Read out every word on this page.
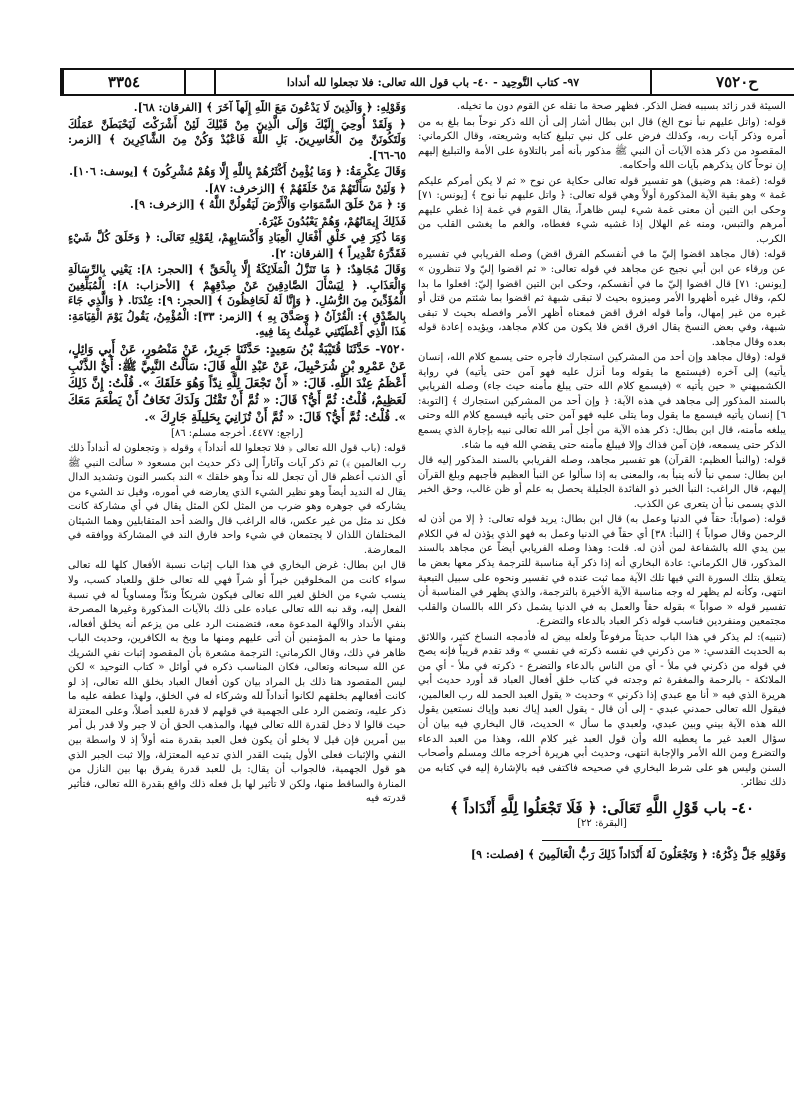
ح٧٥٢٠
٩٧- كتاب التَّوحِيد - ٤٠- باب قول الله تعالى: فلا تجعلوا لله أندادا
٣٣٥٤

السيئة قدر زائد بسببه فضل الذكر. فظهر صحة ما نقله عن القوم دون ما تخيله.

قوله: (واتل عليهم نبأ نوح الخ) قال ابن بطال أشار إلى أن الله ذكر نوحاً بما بلغ به من أمره وذكر آيات ربه، وكذلك فرض على كل نبي تبليغ كتابه وشريعته، وقال الكرماني: المقصود من ذكر هذه الآيات أن النبي ﷺ مذكور بأنه أمر بالتلاوة على الأمة والتبليغ إليهم إن نوحاً كان يذكرهم بآيات الله وأحكامه.

قوله: (غمة: هم وضيق) هو تفسير قوله تعالى حكاية عن نوح « ثم لا يكن أمركم عليكم غمة » وهو بقية الآية المذكورة أولاً وهي قوله تعالى: ﴿ واتل عليهم نبأ نوح ﴾ [يونس: ٧١] وحكى ابن التين أن معنى غمة شيء ليس ظاهراً، يقال القوم في غمة إذا غطي عليهم أمرهم والتبس، ومنه غم الهلال إذا غشيه شيء فغطاه، والغم ما يغشى القلب من الكرب.

قوله: (قال مجاهد اقضوا إليّ ما في أنفسكم الفرق اقض) وصله الفريابي في تفسيره عن ورقاء عن ابن أبي نجيح عن مجاهد في قوله تعالى: « ثم اقضوا إليّ ولا تنظرون » [يونس: ٧١] قال اقضوا إليّ ما في أنفسكم، وحكى ابن التين اقضوا إليّ: افعلوا ما بدا لكم، وقال غيره أظهروا الأمر وميزوه بحيث لا تبقى شبهة ثم اقضوا بما شئتم من قتل أو غيره من غير إمهال، وأما قوله افرق اقض فمعناه أظهر الأمر وافصله بحيث لا تبقى شبهة، وفي بعض النسخ يقال افرق اقض فلا يكون من كلام مجاهد، ويؤيده إعادة قوله بعده وقال مجاهد.

قوله: (وقال مجاهد وإن أحد من المشركين استجارك فأجره حتى يسمع كلام الله، إنسان يأتيه) إلى آخره (فيستمع ما يقوله وما أنزل عليه فهو آمن حتى يأتيه) في رواية الكشميهني « حين يأتيه » (فيسمع كلام الله حتى يبلغ مأمنه حيث جاء) وصله الفريابي بالسند المذكور إلى مجاهد في هذه الآية: ﴿ وإن أحد من المشركين استجارك ﴾ [التوبة: ٦] إنسان يأتيه فيسمع ما يقول وما يتلى عليه فهو آمن حتى يأتيه فيسمع كلام الله وحتى يبلغه مأمنه، قال ابن بطال: ذكر هذه الآية من أجل أمر الله تعالى نبيه بإجارة الذي يسمع الذكر حتى يسمعه، فإن آمن فذاك وإلا فيبلغ مأمنه حتى يقضي الله فيه ما شاء.

قوله: (والنبأ العظيم: القرآن) هو تفسير مجاهد، وصله الفريابي بالسند المذكور إليه قال ابن بطال: سمي نبأ لأنه ينبأ به، والمعنى به إذا سألوا عن النبأ العظيم فأجبهم وبلغ القرآن إليهم، قال الراغب: النبأ الخبر ذو الفائدة الجليلة يحصل به علم أو ظن غالب، وحق الخبر الذي يسمى نبأ أن يتعرى عن الكذب.

قوله: (صواباً: حقاً في الدنيا وعمل به) قال ابن بطال: يريد قوله تعالى: ﴿ إلا من أذن له الرحمن وقال صواباً ﴾ [النبأ: ٣٨] أي حقاً في الدنيا وعمل به فهو الذي يؤذن له في الكلام بين يدي الله بالشفاعة لمن أذن له. قلت: وهذا وصله الفريابي أيضاً عن مجاهد بالسند المذكور، قال الكرماني: عادة البخاري أنه إذا ذكر آية مناسبة للترجمة يذكر معها بعض ما يتعلق بتلك السورة التي فيها تلك الآية مما ثبت عنده في تفسير ونحوه على سبيل التبعية انتهى، وكأنه لم يظهر له وجه مناسبة الآية الأخيرة بالترجمة، والذي يظهر في المناسبة أن تفسير قوله « صواباً » بقوله حقاً والعمل به في الدنيا يشمل ذكر الله باللسان والقلب مجتمعين ومنفردين فناسب قوله ذكر العباد بالدعاء والتضرع.

(تنبيه): لم يذكر في هذا الباب حديثاً مرفوعاً ولعله بيض له فأدمجه النساخ كثير، واللائق به الحديث القدسي: « من ذكرني في نفسه ذكرته في نفسي » وقد تقدم قريباً فإنه يصح في قوله من ذكرني في ملأ - أي من الناس بالدعاء والتضرع - ذكرته في ملأ - أي من الملائكة - بالرحمة والمغفرة ثم وجدته في كتاب خلق أفعال العباد قد أورد حديث أبي هريرة الذي فيه « أنا مع عبدي إذا ذكرني » وحديث « يقول العبد الحمد لله رب العالمين، فيقول الله تعالى حمدني عبدي - إلى أن قال - يقول العبد إياك نعبد وإياك نستعين يقول الله هذه الآية بيني وبين عبدي، ولعبدي ما سأل » الحديث، قال البخاري فيه بيان أن سؤال العبد غير ما يعطيه الله وأن قول العبد غير كلام الله، وهذا من العبد الدعاء والتضرع ومن الله الأمر والإجابة انتهى، وحديث أبي هريرة أخرجه مالك ومسلم وأصحاب السنن وليس هو على شرط البخاري في صحيحه فاكتفى فيه بالإشارة إليه في كتابه من ذلك نظائر.

٤٠- باب قَوْلِ اللَّهِ تَعَالَى: ﴿ فَلَا تَجْعَلُوا لِلَّهِ أَنْدَاداً ﴾
[البقرة: ٢٢]

وَقَوْلِهِ جَلَّ ذِكْرُهُ: ﴿ وَتَجْعَلُونَ لَهُ أَنْدَاداً ذَلِكَ رَبُّ الْعَالَمِينَ ﴾ [فصلت: ٩]

وَقَوْلِهِ: ﴿ وَالَّذِينَ لَا يَدْعُونَ مَعَ اللَّهِ إِلَهاً آخَرَ ﴾ [الفرقان: ٦٨].

﴿ وَلَقَدْ أُوحِيَ إِلَيْكَ وَإِلَى الَّذِينَ مِنْ قَبْلِكَ لَئِنْ أَشْرَكْتَ لَيَحْبَطَنَّ عَمَلُكَ وَلَتَكُونَنَّ مِنَ الْخَاسِرِينَ. بَلِ اللَّهَ فَاعْبُدْ وَكُنْ مِنَ الشَّاكِرِينَ ﴾ [الزمر: ٦٥-٦٦].

وَقَالَ عِكْرِمَةُ: ﴿ وَمَا يُؤْمِنُ أَكْثَرُهُمْ بِاللَّهِ إِلَّا وَهُمْ مُشْرِكُونَ ﴾ [يوسف: ١٠٦].

﴿ وَلَئِنْ سَأَلْتَهُمْ مَنْ خَلَقَهُمْ ﴾ [الزخرف: ٨٧].

وَ: ﴿ مَنْ خَلَقَ السَّمَوَاتِ وَالْأَرْضَ لَيَقُولُنَّ اللَّهُ ﴾ [الزخرف: ٩].

فَذَلِكَ إِيمَانُهُمْ، وَهُمْ يَعْبُدُونَ غَيْرَهُ.

وَمَا ذُكِرَ فِي خَلْقِ أَفْعَالِ الْعِبَادِ وَأَكْسَابِهِمْ، لِقَوْلِهِ تَعَالَى: ﴿ وَخَلَقَ كُلَّ شَيْءٍ فَقَدَّرَهُ تَقْدِيراً ﴾ [الفرقان: ٢].

وَقَالَ مُجَاهِدٌ: ﴿ مَا تَنَزَّلُ الْمَلَائِكَةُ إِلَّا بِالْحَقِّ ﴾ [الحجر: ٨]: يَعْنِي بِالرِّسَالَةِ وَالْعَذَابِ. ﴿ لِيَسْأَلَ الصَّادِقِينَ عَنْ صِدْقِهِمْ ﴾ [الأحزاب: ٨]: الْمُبَلِّغِينَ الْمُؤَدِّينَ مِنَ الرُّسُلِ. ﴿ وَإِنَّا لَهُ لَحَافِظُونَ ﴾ [الحجر: ٩]: عِنْدَنَا. ﴿ وَالَّذِي جَاءَ بِالصِّدْقِ ﴾: الْقُرْآنُ ﴿ وَصَدَّقَ بِهِ ﴾ [الزمر: ٣٣]: الْمُؤْمِنُ، يَقُولُ يَوْمَ الْقِيَامَةِ: هَذَا الَّذِي أَعْطَيْتَنِي عَمِلْتُ بِمَا فِيهِ.

٧٥٢٠- حَدَّثَنَا قُتَيْبَةُ بْنُ سَعِيدٍ: حَدَّثَنَا جَرِيرٌ، عَنْ مَنْصُورٍ، عَنْ أَبِي وَائِلٍ، عَنْ عَمْرِو بْنِ شُرَحْبِيلَ، عَنْ عَبْدِ اللَّهِ قَالَ: سَأَلْتُ النَّبِيَّ ﷺ: أَيُّ الذَّنْبِ أَعْظَمُ عِنْدَ اللَّهِ. قَالَ: « أَنْ تَجْعَلَ لِلَّهِ نِدّاً وَهُوَ خَلَقَكَ ». قُلْتُ: إِنَّ ذَلِكَ لَعَظِيمٌ، قُلْتُ: ثُمَّ أَيُّ؟ قَالَ: « ثُمَّ أَنْ تَقْتُلَ وَلَدَكَ تَخَافُ أَنْ يَطْعَمَ مَعَكَ ». قُلْتُ: ثُمَّ أَيُّ؟ قَالَ: « ثُمَّ أَنْ تُزَانِيَ بِحَلِيلَةِ جَارِكَ ».

[راجع: ٤٤٧٧. أخرجه مسلم: ٨٦]

قوله: (باب قول الله تعالى ﴿ فلا تجعلوا لله أنداداً ﴾ وقوله ﴿ وتجعلون له أنداداً ذلك رب العالمين ﴾) ثم ذكر آيات وآثاراً إلى ذكر حديث ابن مسعود « سألت النبي ﷺ أي الذنب أعظم قال أن تجعل لله نداً وهو خلقك » الند بكسر النون وتشديد الدال يقال له النديد أيضاً وهو نظير الشيء الذي يعارضه في أموره، وقيل ند الشيء من يشاركه في جوهره وهو ضرب من المثل لكن المثل يقال في أي مشاركة كانت فكل ند مثل من غير عكس، قاله الراغب قال والضد أحد المتقابلين وهما الشيئان المختلفان اللذان لا يجتمعان في شيء واحد فارق الند في المشاركة ووافقه في المعارضة.

قال ابن بطال: غرض البخاري في هذا الباب إثبات نسبة الأفعال كلها لله تعالى سواء كانت من المخلوقين خيراً أو شراً فهي لله تعالى خلق وللعباد كسب، ولا ينسب شيء من الخلق لغير الله تعالى فيكون شريكاً وندّاً ومساوياً له في نسبة الفعل إليه، وقد نبه الله تعالى عباده على ذلك بالآيات المذكورة وغيرها المصرحة بنفي الأنداد والآلهة المدعوة معه، فتضمنت الرد على من يزعم أنه يخلق أفعاله، ومنها ما حذر به المؤمنين أن أتى عليهم ومنها ما وبخ به الكافرين، وحديث الباب ظاهر في ذلك، وقال الكرماني: الترجمة مشعرة بأن المقصود إثبات نفي الشريك عن الله سبحانه وتعالى، فكان المناسب ذكره في أوائل « كتاب التوحيد » لكن ليس المقصود هنا ذلك بل المراد بيان كون أفعال العباد بخلق الله تعالى، إذ لو كانت أفعالهم بخلقهم لكانوا أنداداً لله وشركاء له في الخلق، ولهذا عطفه عليه ما ذكر عليه، وتضمن الرد على الجهمية في قولهم لا قدرة للعبد أصلاً، وعلى المعتزلة حيث قالوا لا دخل لقدرة الله تعالى فيها، والمذهب الحق أن لا جبر ولا قدر بل أمر بين أمرين فإن قيل لا يخلو أن يكون فعل العبد بقدرة منه أولاً إذ لا واسطة بين النفي والإثبات فعلى الأول يثبت القدر الذي تدعيه المعتزلة، وإلا ثبت الجبر الذي هو قول الجهمية، فالجواب أن يقال: بل للعبد قدرة يفرق بها بين النازل من المنارة والساقط منها، ولكن لا تأثير لها بل فعله ذلك واقع بقدرة الله تعالى، فتأثير قدرته فيه
